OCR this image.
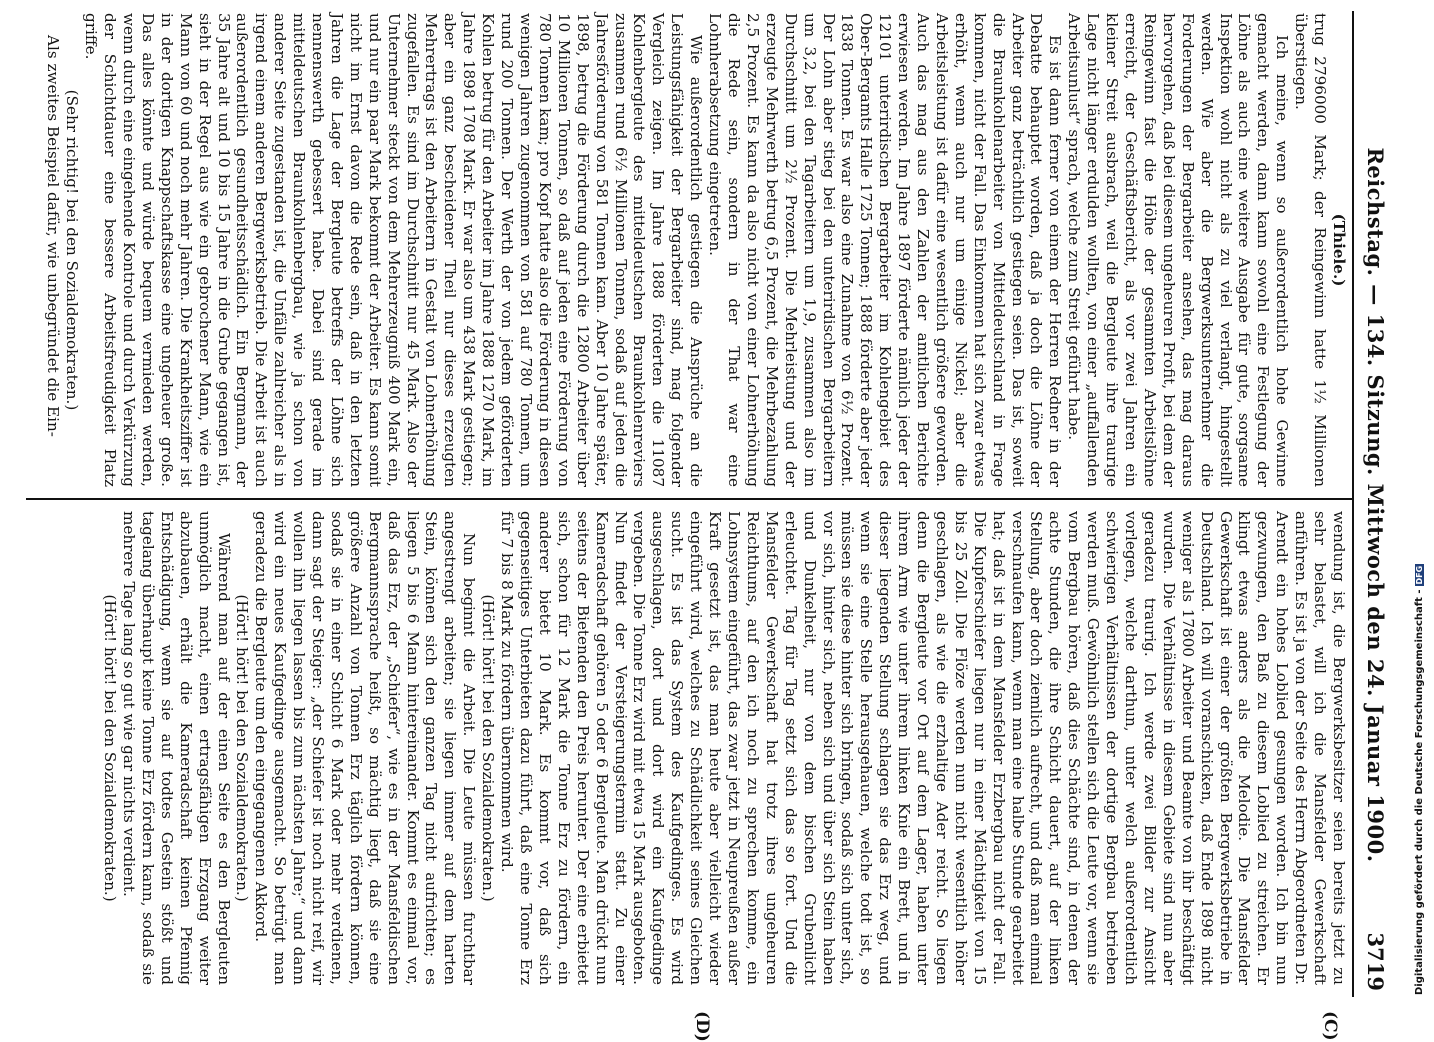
Reichstag. — 134. Sitzung. Mittwoch den 24. Januar 1900.
3719
(C)
(D)

(Thiele.)

trug 2796000 Mark; der Reingewinn hatte 1½ Millionen überstiegen.

Ich meine, wenn so außerordentlich hohe Gewinne gemacht werden, dann kann sowohl eine Festlegung der Löhne als auch eine weitere Ausgabe für gute, sorgsame Inspektion wohl nicht als zu viel verlangt, hingestellt werden. Wie aber die Bergwerksunternehmer die Forderungen der Bergarbeiter ansehen, das mag daraus hervorgehen, daß bei diesem ungeheuren Profit, bei dem der Reingewinn fast die Höhe der gesammten Arbeitslöhne erreicht, der Geschäftsbericht, als vor zwei Jahren ein kleiner Streit ausbrach, weil die Bergleute ihre traurige Lage nicht länger erdulden wollten, von einer „auffallenden Arbeitsunlust“ sprach, welche zum Streit geführt habe.

Es ist dann ferner von einem der Herren Redner in der Debatte behauptet worden, daß ja doch die Löhne der Arbeiter ganz beträchtlich gestiegen seien. Das ist, soweit die Braunkohlenarbeiter von Mitteldeutschland in Frage kommen, nicht der Fall. Das Einkommen hat sich zwar etwas erhöht, wenn auch nur um einige Nickel; aber die Arbeitsleistung ist dafür eine wesentlich größere geworden. Auch das mag aus den Zahlen der amtlichen Berichte erwiesen werden. Im Jahre 1897 förderte nämlich jeder der 12101 unterirdischen Bergarbeiter im Kohlengebiet des Ober-Bergamts Halle 1725 Tonnen; 1888 förderte aber jeder 1838 Tonnen. Es war also eine Zunahme von 6½ Prozent. Der Lohn aber stieg bei den unterirdischen Bergarbeitern um 3,2, bei den Tagarbeitern um 1,9, zusammen also im Durchschnitt um 2½ Prozent. Die Mehrleistung und der erzeugte Mehrwerth betrug 6,5 Prozent, die Mehrbezahlung 2,5 Prozent. Es kann da also nicht von einer Lohnerhöhung die Rede sein, sondern in der That war eine Lohnherabsetzung eingetreten.

Wie außerordentlich gestiegen die Ansprüche an die Leistungsfähigkeit der Bergarbeiter sind, mag folgender Vergleich zeigen. Im Jahre 1888 förderten die 11087 Kohlenbergleute des mitteldeutschen Braunkohlenreviers zusammen rund 6½ Millionen Tonnen, sodaß auf jeden die Jahresförderung von 581 Tonnen kam. Aber 10 Jahre später, 1898, betrug die Förderung durch die 12800 Arbeiter über 10 Millionen Tonnen, so daß auf jeden eine Förderung von 780 Tonnen kam; pro Kopf hatte also die Förderung in diesen wenigen Jahren zugenommen von 581 auf 780 Tonnen, um rund 200 Tonnen. Der Werth der von jedem geförderten Kohlen betrug für den Arbeiter im Jahre 1888 1270 Mark, im Jahre 1898 1708 Mark. Er war also um 438 Mark gestiegen; aber ein ganz bescheidener Theil nur dieses erzeugten Mehrertrags ist den Arbeitern in Gestalt von Lohnerhöhung zugefallen. Es sind im Durchschnitt nur 45 Mark. Also der Unternehmer steckt von dem Mehrerzeugniß 400 Mark ein, und nur ein paar Mark bekommt der Arbeiter. Es kann somit nicht im Ernst davon die Rede sein, daß in den letzten Jahren die Lage der Bergleute betreffs der Löhne sich nennenswerth gebessert habe. Dabei sind gerade im mitteldeutschen Braunkohlenbergbau, wie ja schon von anderer Seite zugestanden ist, die Unfälle zahlreicher als in irgend einem anderen Bergwerksbetrieb. Die Arbeit ist auch außerordentlich gesundheitsschädlich. Ein Bergmann, der 35 Jahre alt und 10 bis 15 Jahre in die Grube gegangen ist, sieht in der Regel aus wie ein gebrochener Mann, wie ein Mann von 60 und noch mehr Jahren. Die Krankheitsziffer ist in der dortigen Knappschaftskasse eine ungeheuer große. Das alles könnte und würde bequem vermieden werden, wenn durch eine eingehende Kontrole und durch Verkürzung der Schichtdauer eine bessere Arbeitsfreudigkeit Platz griffe.

(Sehr richtig! bei den Sozialdemokraten.)

Als zweites Beispiel dafür, wie unbegründet die Ein-

wendung ist, die Bergwerksbesitzer seien bereits jetzt zu sehr belastet, will ich die Mansfelder Gewerkschaft anführen. Es ist ja von der Seite des Herrn Abgeordneten Dr. Arendt ein hohes Loblied gesungen worden. Ich bin nun gezwungen, den Baß zu diesem Loblied zu streichen. Er klingt etwas anders als die Melodie. Die Mansfelder Gewerkschaft ist einer der größten Bergwerksbetriebe in Deutschland. Ich will voranschicken, daß Ende 1898 nicht weniger als 17800 Arbeiter und Beamte von ihr beschäftigt wurden. Die Verhältnisse in diesem Gebiete sind nun aber geradezu traurig. Ich werde zwei Bilder zur Ansicht vorlegen, welche darthun, unter welch außerordentlich schwierigen Verhältnissen der dortige Bergbau betrieben werden muß. Gewöhnlich stellen sich die Leute vor, wenn sie vom Bergbau hören, daß dies Schächte sind, in denen der achte Stunden, die ihre Schicht dauert, auf der linken Stellung, aber doch ziemlich aufrecht, und daß man einmal verschnaufen kann, wenn man eine halbe Stunde gearbeitet hat; daß ist in dem Mansfelder Erzbergbau nicht der Fall. Die Kupferschiefer liegen nur in einer Mächtigkeit von 15 bis 25 Zoll. Die Flöze werden nun nicht wesentlich höher geschlagen, als wie die erzhaltige Ader reicht. So liegen denn die Bergleute vor Ort auf dem Lager, haben unter ihrem Arm wie unter ihrem linken Knie ein Brett, und in dieser liegenden Stellung schlagen sie das Erz weg, und wenn sie eine Stelle herausgehauen, welche todt ist, so müssen sie diese hinter sich bringen, sodaß sich unter sich, vor sich, hinter sich, neben sich und über sich Stein haben und Dunkelheit, nur von dem bischen Grubenlicht erleuchtet. Tag für Tag setzt sich das so fort. Und die Mansfelder Gewerkschaft hat trotz ihres ungeheuren Reichthums, auf den ich noch zu sprechen komme, ein Lohnsystem eingeführt, das zwar jetzt in Neupreußen außer Kraft gesetzt ist, das man heute aber vielleicht wieder eingeführt wird, welches zu Schädlichkeit seines Gleichen sucht. Es ist das System des Kaufgedinges. Es wird ausgeschlagen, dort und dort wird ein Kaufgedinge vergeben. Die Tonne Erz wird mit etwa 15 Mark ausgeboten. Nun findet der Versteigerungstermin statt. Zu einer Kameradschaft gehören 5 oder 6 Bergleute. Man drückt nun seitens der Bietenden den Preis herunter. Der eine erbietet sich, schon für 12 Mark die Tonne Erz zu fördern, ein anderer bietet 10 Mark. Es kommt vor, daß sich gegenseitiges Unterbieten dazu führt, daß eine Tonne Erz für 7 bis 8 Mark zu fördern übernommen wird.

(Hört! hört! bei den Sozialdemokraten.)

Nun beginnt die Arbeit. Die Leute müssen furchtbar angestrengt arbeiten; sie liegen immer auf dem harten Stein, können sich den ganzen Tag nicht aufrichten; es liegen 5 bis 6 Mann hintereinander. Kommt es einmal vor, daß das Erz, der „Schiefer“, wie es in der Mansfeldischen Bergmannssprache heißt, so mächtig liegt, daß sie eine größere Anzahl von Tonnen Erz täglich fördern können, sodaß sie in einer Schicht 6 Mark oder mehr verdienen, dann sagt der Steiger: „der Schiefer ist noch nicht reif, wir wollen ihn liegen lassen bis zum nächsten Jahre;“ und dann wird ein neues Kaufgedinge ausgemacht. So betrügt man geradezu die Bergleute um den eingegangenen Akkord.

(Hört! hört! bei den Sozialdemokraten.)

Während man auf der einen Seite es den Bergleuten unmöglich macht, einen ertragsfähigen Erzgang weiter abzubauen, erhält die Kameradschaft keinen Pfennig Entschädigung, wenn sie auf todtes Gestein stößt und tagelang überhaupt keine Tonne Erz fördern kann, sodaß sie mehrere Tage lang so gut wie gar nichts verdient.

(Hört! hört! bei den Sozialdemokraten.)	Digitalisierung gefördert durch die Deutsche Forschungsgemeinschaft -DFG
